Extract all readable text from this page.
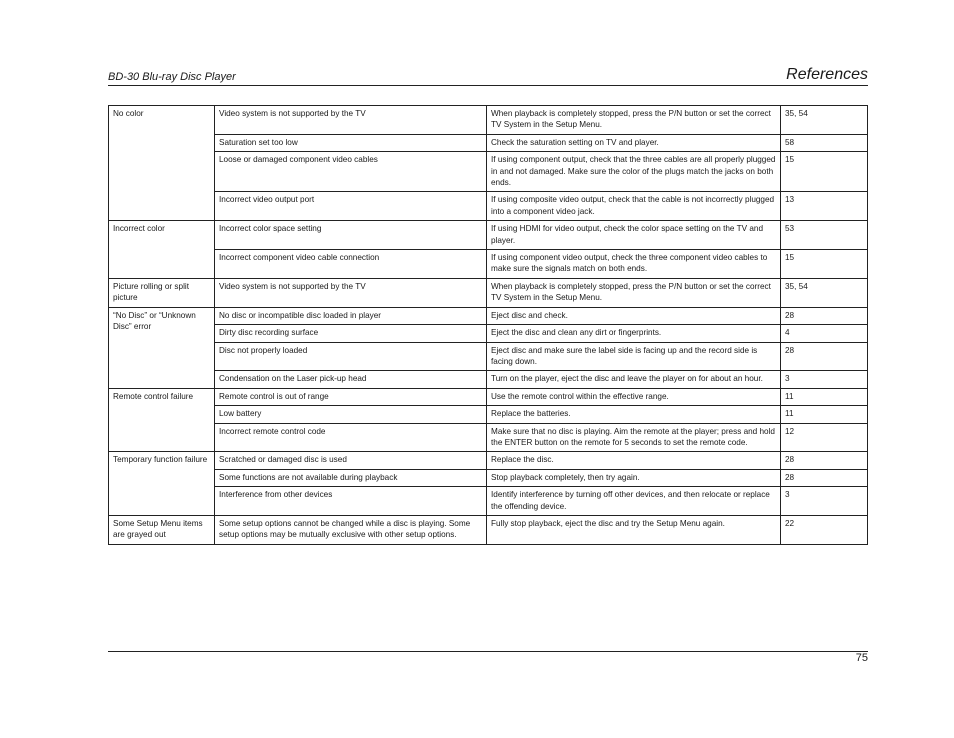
BD-30 Blu-ray Disc Player	References
No color	Video system is not supported by the TV	When playback is completely stopped, press the P/N button or set the correct TV System in the Setup Menu.	35, 54
	Saturation set too low	Check the saturation setting on TV and player.	58
	Loose or damaged component video cables	If using component output, check that the three cables are all properly plugged in and not damaged. Make sure the color of the plugs match the jacks on both ends.	15
	Incorrect video output port	If using composite video output, check that the cable is not incorrectly plugged into a component video jack.	13
Incorrect color	Incorrect color space setting	If using HDMI for video output, check the color space setting on the TV and player.	53
	Incorrect component video cable connection	If using component video output, check the three component video cables to make sure the signals match on both ends.	15
Picture rolling or split picture	Video system is not supported by the TV	When playback is completely stopped, press the P/N button or set the correct TV System in the Setup Menu.	35, 54
“No Disc” or “Unknown Disc” error	No disc or incompatible disc loaded in player	Eject disc and check.	28
	Dirty disc recording surface	Eject the disc and clean any dirt or fingerprints.	4
	Disc not properly loaded	Eject disc and make sure the label side is facing up and the record side is facing down.	28
	Condensation on the Laser pick-up head	Turn on the player, eject the disc and leave the player on for about an hour.	3
Remote control failure	Remote control is out of range	Use the remote control within the effective range.	11
	Low battery	Replace the batteries.	11
	Incorrect remote control code	Make sure that no disc is playing. Aim the remote at the player; press and hold the ENTER button on the remote for 5 seconds to set the remote code.	12
Temporary function failure	Scratched or damaged disc is used	Replace the disc.	28
	Some functions are not available during playback	Stop playback completely, then try again.	28
	Interference from other devices	Identify interference by turning off other devices, and then relocate or replace the offending device.	3
Some Setup Menu items are grayed out	Some setup options cannot be changed while a disc is playing. Some setup options may be mutually exclusive with other setup options.	Fully stop playback, eject the disc and try the Setup Menu again.	22
75
